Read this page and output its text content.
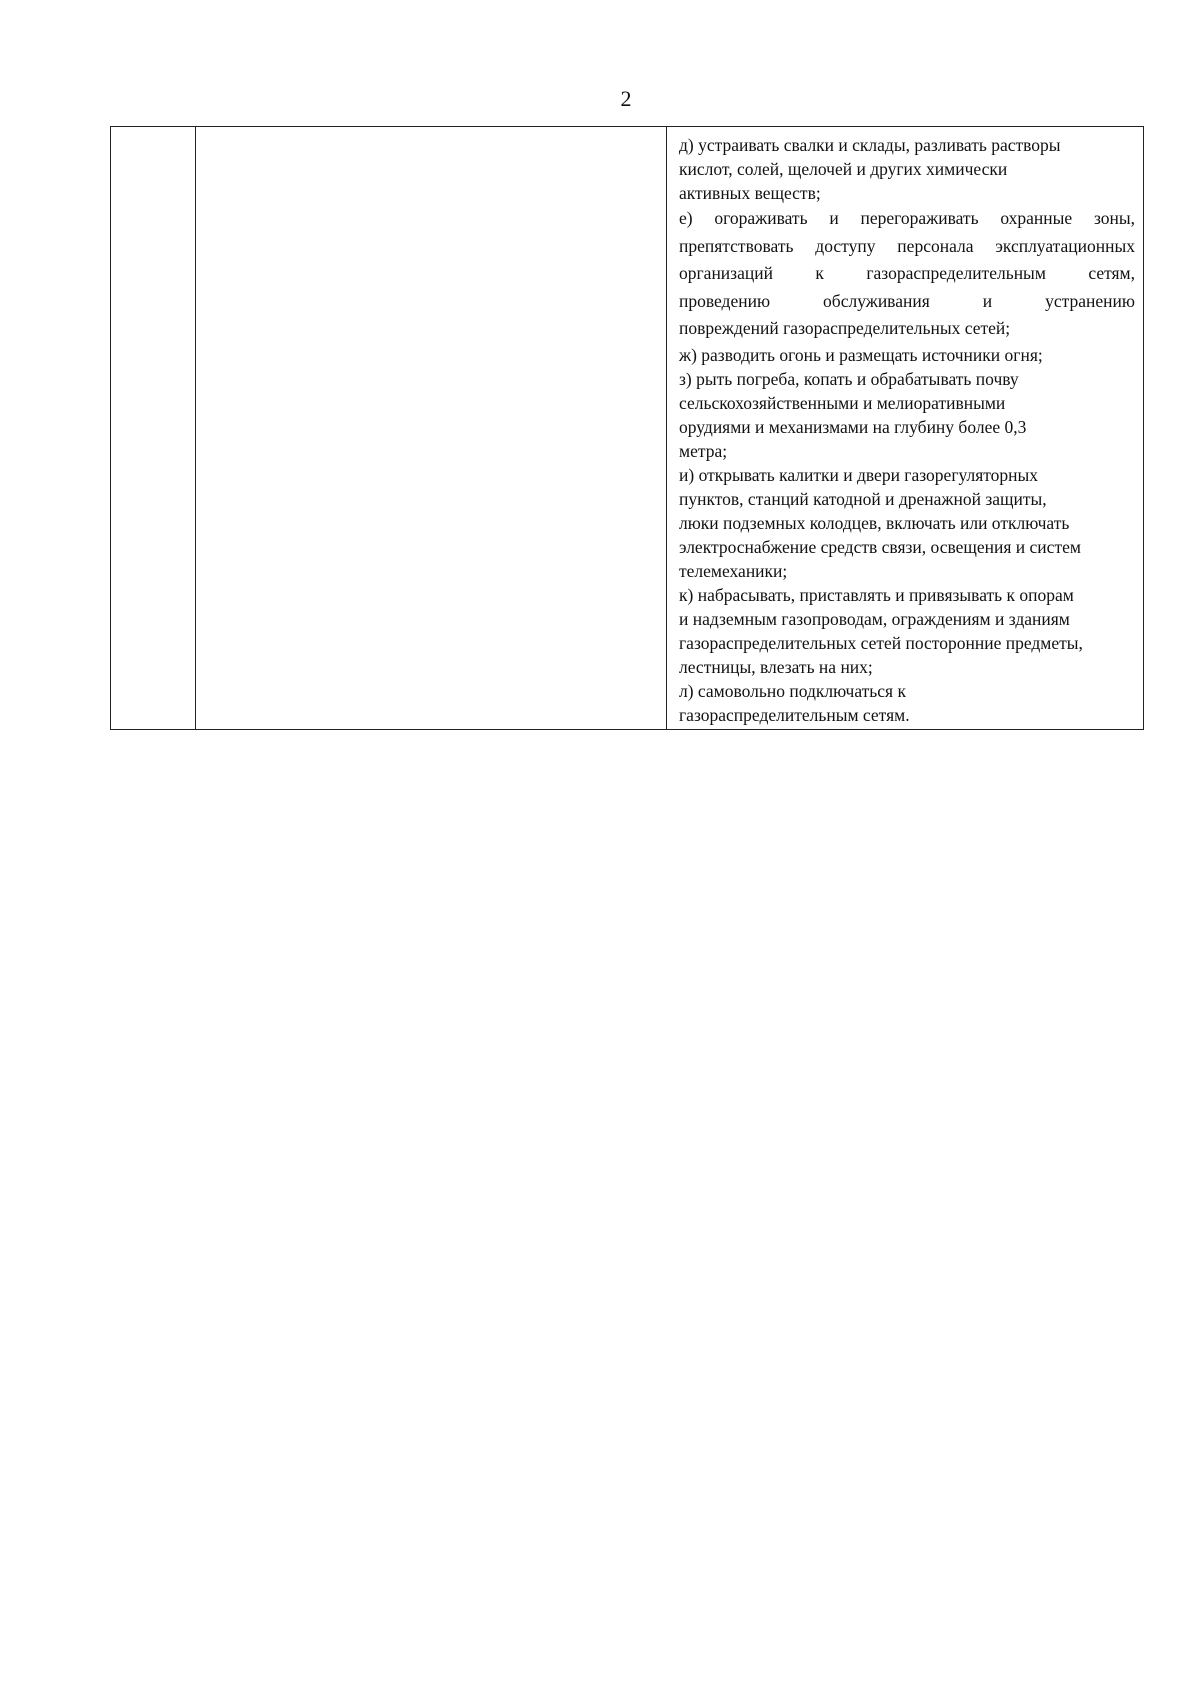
2

д) устраивать свалки и склады, разливать растворы
кислот, солей, щелочей и других химически
активных веществ;

е) огораживать и перегораживать охранные зоны,
препятствовать доступу персонала эксплуатационных
организаций к газораспределительным сетям,
проведению обслуживания и устранению
повреждений газораспределительных сетей;

ж) разводить огонь и размещать источники огня;

з) рыть погреба, копать и обрабатывать почву
сельскохозяйственными и мелиоративными
орудиями и механизмами на глубину более 0,3
метра;

и) открывать калитки и двери газорегуляторных
пунктов, станций катодной и дренажной защиты,
люки подземных колодцев, включать или отключать
электроснабжение средств связи, освещения и систем
телемеханики;

к) набрасывать, приставлять и привязывать к опорам
и надземным газопроводам, ограждениям и зданиям
газораспределительных сетей посторонние предметы,
лестницы, влезать на них;

л) самовольно подключаться к
газораспределительным сетям.
